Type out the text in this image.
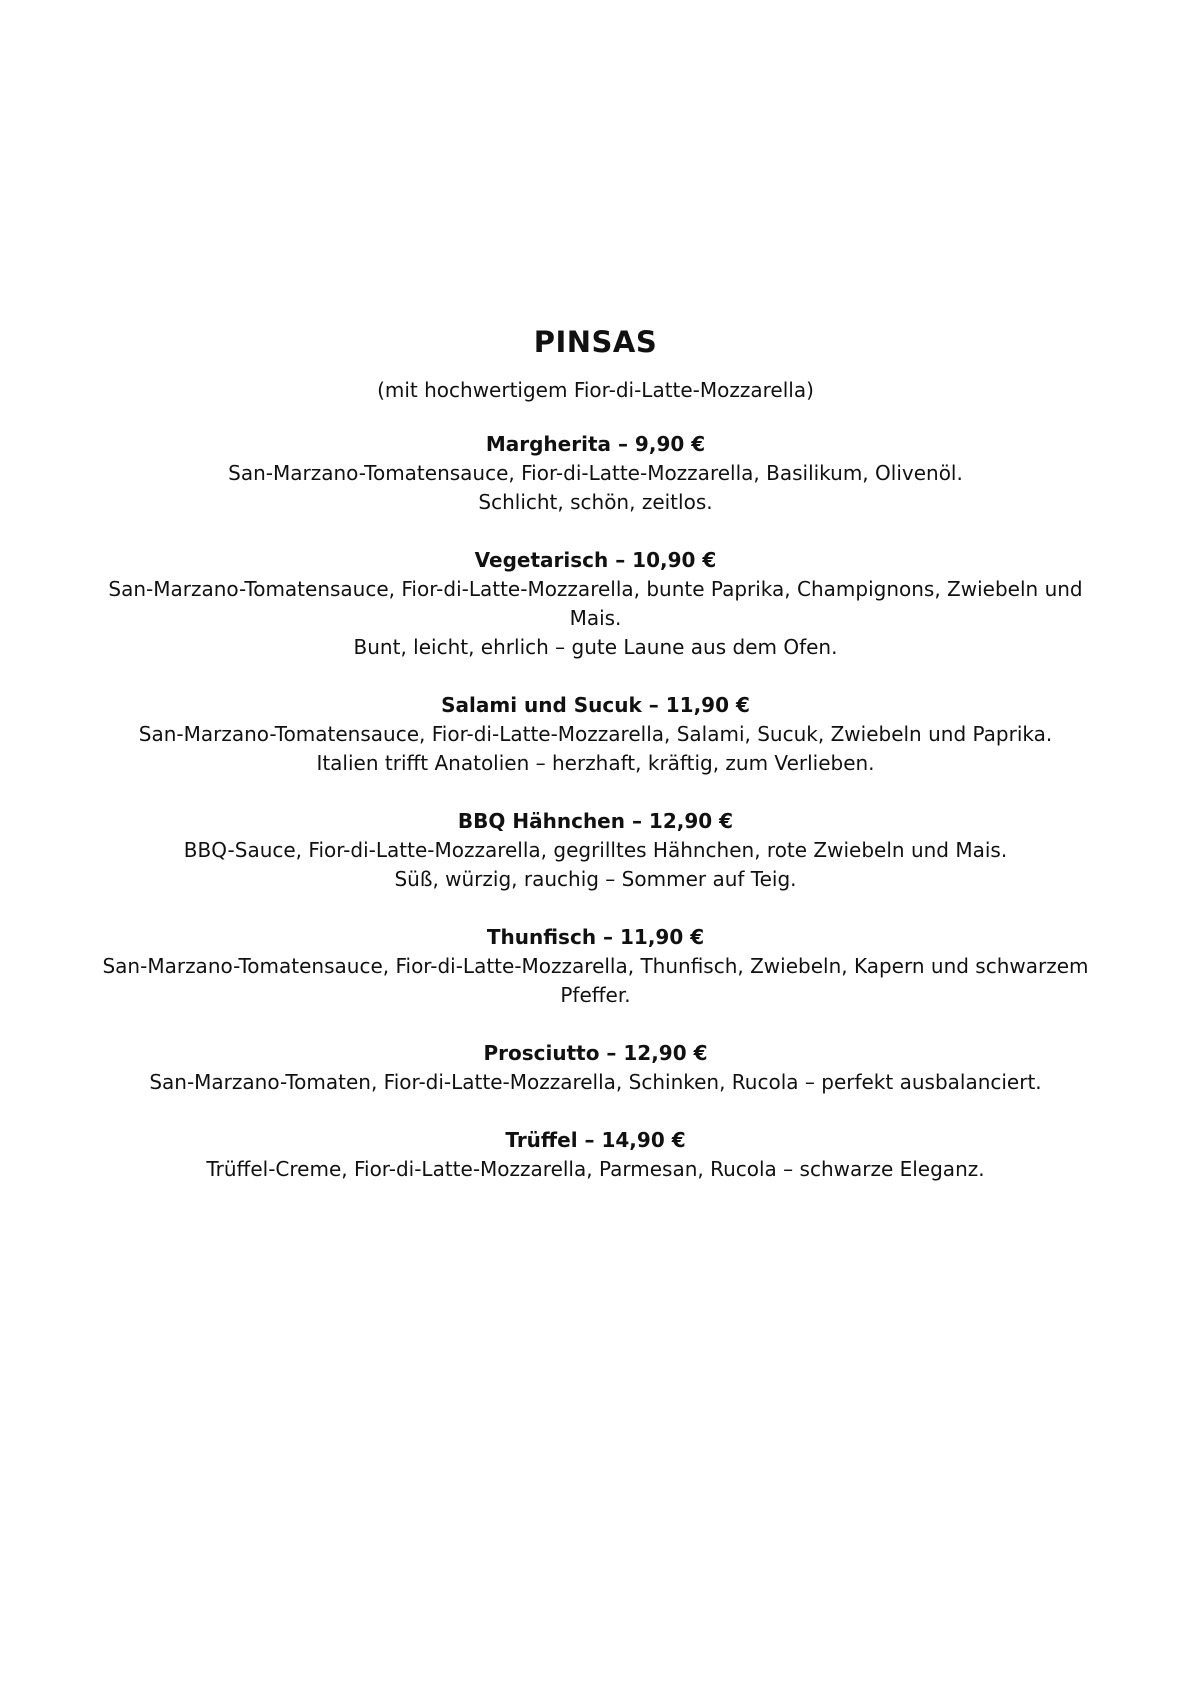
PINSAS

(mit hochwertigem Fior-di-Latte-Mozzarella)

Margherita – 9,90 €

San-Marzano-Tomatensauce, Fior-di-Latte-Mozzarella, Basilikum, Olivenöl.

Schlicht, schön, zeitlos.

Vegetarisch – 10,90 €

San-Marzano-Tomatensauce, Fior-di-Latte-Mozzarella, bunte Paprika, Champignons, Zwiebeln und Mais.

Bunt, leicht, ehrlich – gute Laune aus dem Ofen.

Salami und Sucuk – 11,90 €

San-Marzano-Tomatensauce, Fior-di-Latte-Mozzarella, Salami, Sucuk, Zwiebeln und Paprika.

Italien trifft Anatolien – herzhaft, kräftig, zum Verlieben.

BBQ Hähnchen – 12,90 €

BBQ-Sauce, Fior-di-Latte-Mozzarella, gegrilltes Hähnchen, rote Zwiebeln und Mais.

Süß, würzig, rauchig – Sommer auf Teig.

Thunfisch – 11,90 €

San-Marzano-Tomatensauce, Fior-di-Latte-Mozzarella, Thunfisch, Zwiebeln, Kapern und schwarzem

Pfeffer.

Prosciutto – 12,90 €

San-Marzano-Tomaten, Fior-di-Latte-Mozzarella, Schinken, Rucola – perfekt ausbalanciert.

Trüffel – 14,90 €

Trüffel-Creme, Fior-di-Latte-Mozzarella, Parmesan, Rucola – schwarze Eleganz.
